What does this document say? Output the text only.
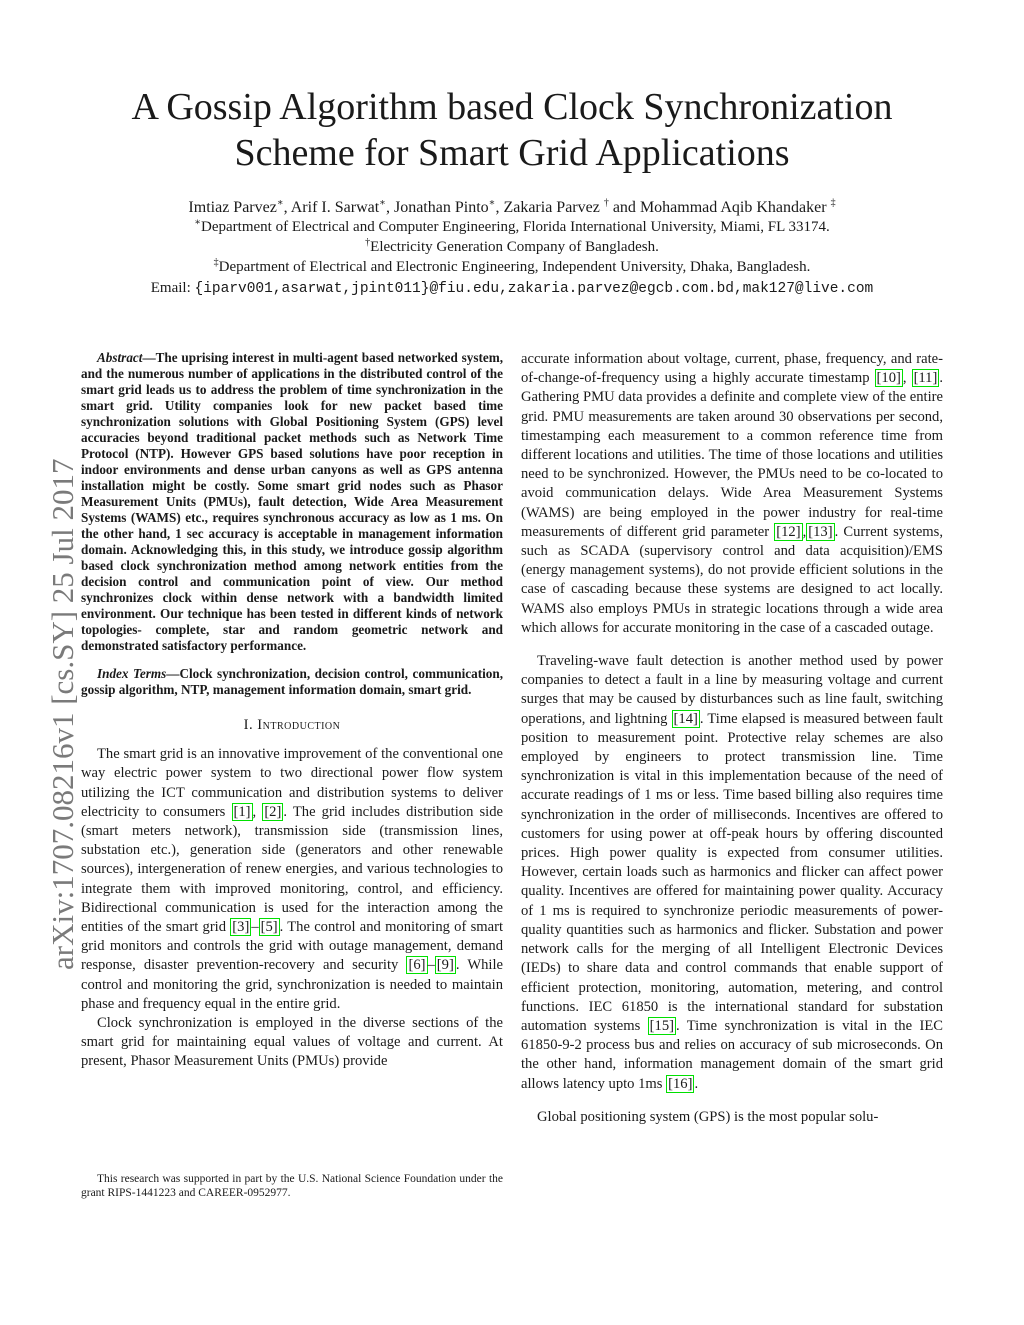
A Gossip Algorithm based Clock Synchronization
Scheme for Smart Grid Applications
Imtiaz Parvez∗, Arif I. Sarwat∗, Jonathan Pinto∗, Zakaria Parvez † and Mohammad Aqib Khandaker ‡
∗Department of Electrical and Computer Engineering, Florida International University, Miami, FL 33174.
†Electricity Generation Company of Bangladesh.
‡Department of Electrical and Electronic Engineering, Independent University, Dhaka, Bangladesh.
Email: {iparv001,asarwat,jpint011}@fiu.edu,zakaria.parvez@egcb.com.bd,mak127@live.com
arXiv:1707.08216v1 [cs.SY] 25 Jul 2017

Abstract—The uprising interest in multi-agent based networked system, and the numerous number of applications in the distributed control of the smart grid leads us to address the problem of time synchronization in the smart grid. Utility companies look for new packet based time synchronization solutions with Global Positioning System (GPS) level accuracies beyond traditional packet methods such as Network Time Protocol (NTP). However GPS based solutions have poor reception in indoor environments and dense urban canyons as well as GPS antenna installation might be costly. Some smart grid nodes such as Phasor Measurement Units (PMUs), fault detection, Wide Area Measurement Systems (WAMS) etc., requires synchronous accuracy as low as 1 ms. On the other hand, 1 sec accuracy is acceptable in management information domain. Acknowledging this, in this study, we introduce gossip algorithm based clock synchronization method among network entities from the decision control and communication point of view. Our method synchronizes clock within dense network with a bandwidth limited environment. Our technique has been tested in different kinds of network topologies- complete, star and random geometric network and demonstrated satisfactory performance.

Index Terms—Clock synchronization, decision control, communication, gossip algorithm, NTP, management information domain, smart grid.

I. Introduction

The smart grid is an innovative improvement of the conventional one way electric power system to two directional power flow system utilizing the ICT communication and distribution systems to deliver electricity to consumers [1] , [2] . The grid includes distribution side (smart meters network), transmission side (transmission lines, substation etc.), generation side (generators and other renewable sources), intergeneration of renew energies, and various technologies to integrate them with improved monitoring, control, and efficiency. Bidirectional communication is used for the interaction among the entities of the smart grid [3] – [5] . The control and monitoring of smart grid monitors and controls the grid with outage management, demand response, disaster prevention-recovery and security [6] – [9] . While control and monitoring the grid, synchronization is needed to maintain phase and frequency equal in the entire grid.

Clock synchronization is employed in the diverse sections of the smart grid for maintaining equal values of voltage and current. At present, Phasor Measurement Units (PMUs) provide

This research was supported in part by the U.S. National Science Foundation under the grant RIPS-1441223 and CAREER-0952977.

accurate information about voltage, current, phase, frequency, and rate-of-change-of-frequency using a highly accurate timestamp [10] , [11] . Gathering PMU data provides a definite and complete view of the entire grid. PMU measurements are taken around 30 observations per second, timestamping each measurement to a common reference time from different locations and utilities. The time of those locations and utilities need to be synchronized. However, the PMUs need to be co-located to avoid communication delays. Wide Area Measurement Systems (WAMS) are being employed in the power industry for real-time measurements of different grid parameter [12] , [13] . Current systems, such as SCADA (supervisory control and data acquisition)/EMS (energy management systems), do not provide efficient solutions in the case of cascading because these systems are designed to act locally. WAMS also employs PMUs in strategic locations through a wide area which allows for accurate monitoring in the case of a cascaded outage.

Traveling-wave fault detection is another method used by power companies to detect a fault in a line by measuring voltage and current surges that may be caused by disturbances such as line fault, switching operations, and lightning [14] . Time elapsed is measured between fault position to measurement point. Protective relay schemes are also employed by engineers to protect transmission line. Time synchronization is vital in this implementation because of the need of accurate readings of 1 ms or less. Time based billing also requires time synchronization in the order of milliseconds. Incentives are offered to customers for using power at off-peak hours by offering discounted prices. High power quality is expected from consumer utilities. However, certain loads such as harmonics and flicker can affect power quality. Incentives are offered for maintaining power quality. Accuracy of 1 ms is required to synchronize periodic measurements of power-quality quantities such as harmonics and flicker. Substation and power network calls for the merging of all Intelligent Electronic Devices (IEDs) to share data and control commands that enable support of efficient protection, monitoring, automation, metering, and control functions. IEC 61850 is the international standard for substation automation systems [15] . Time synchronization is vital in the IEC 61850-9-2 process bus and relies on accuracy of sub microseconds. On the other hand, information management domain of the smart grid allows latency upto 1ms [16] .

Global positioning system (GPS) is the most popular solu-
